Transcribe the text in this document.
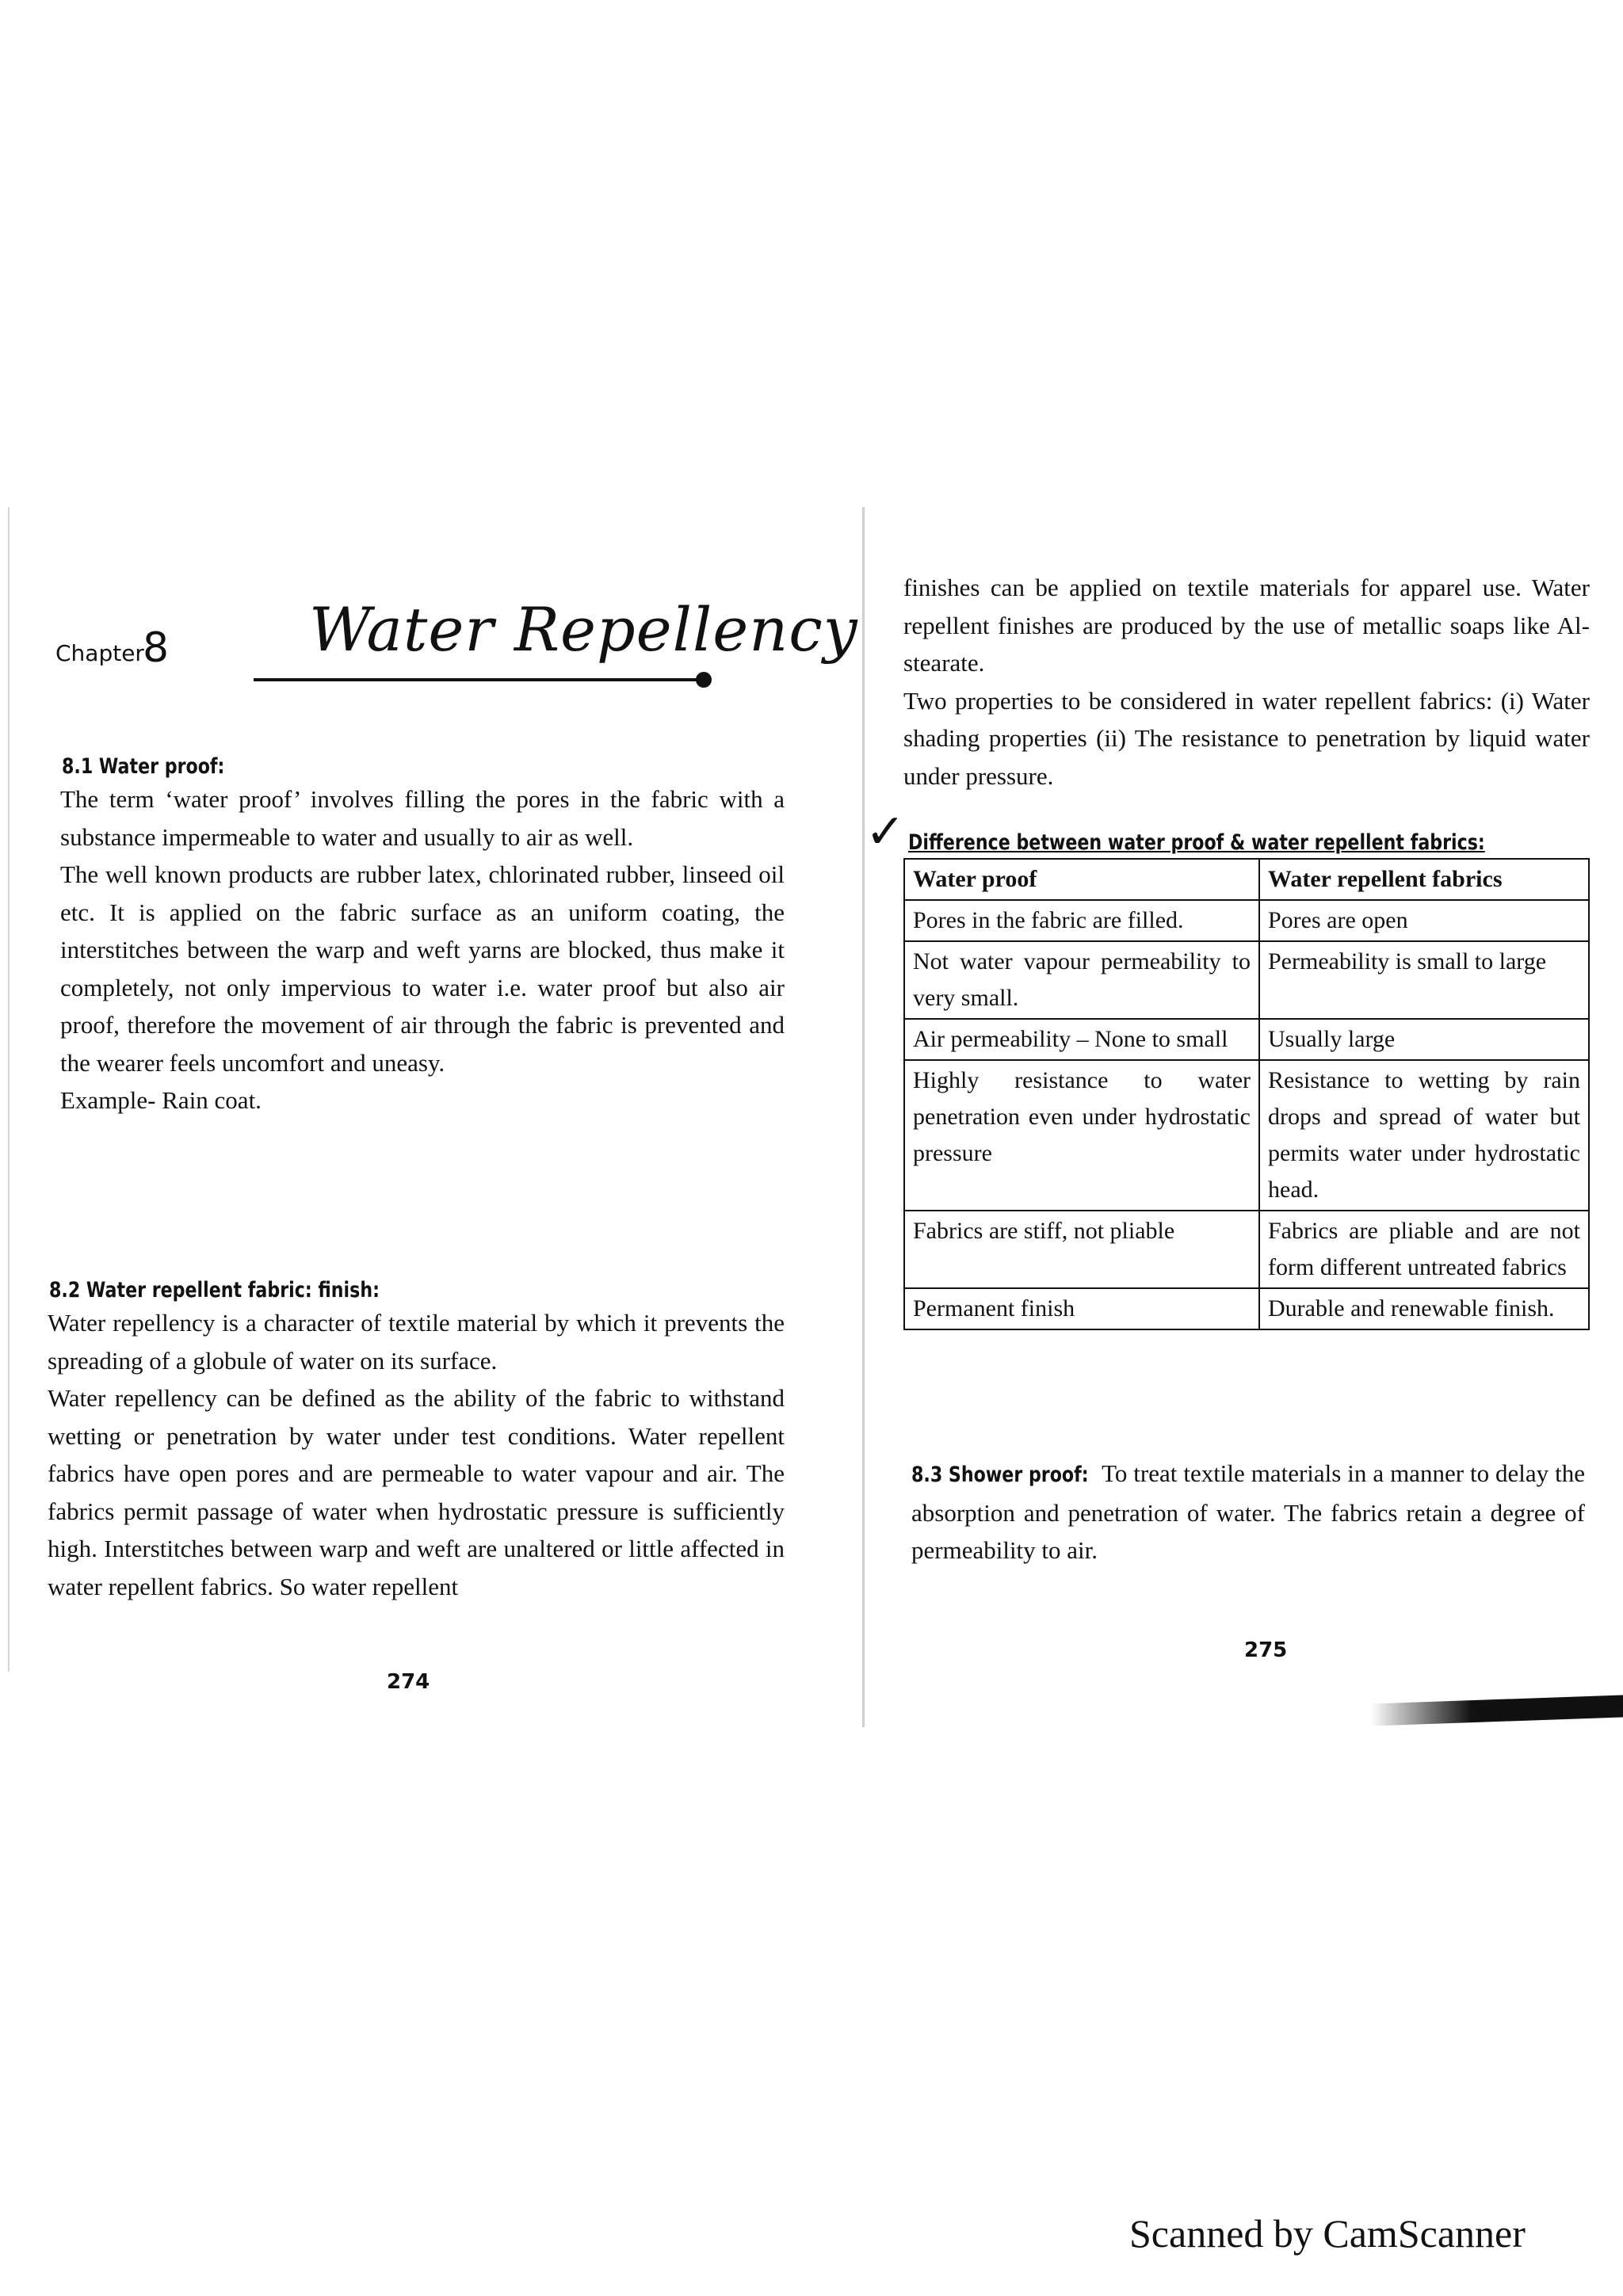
Chapter
8 Water Repellency
8.1 Water proof:

The term ‘water proof’ involves filling the pores in the fabric with a substance impermeable to water and usually to air as well.

The well known products are rubber latex, chlorinated rubber, linseed oil etc. It is applied on the fabric surface as an uniform coating, the interstitches between the warp and weft yarns are blocked, thus make it completely, not only impervious to water i.e. water proof but also air proof, therefore the movement of air through the fabric is prevented and the wearer feels uncomfort and uneasy.

Example- Rain coat.

8.2 Water repellent fabric: finish:

Water repellency is a character of textile material by which it prevents the spreading of a globule of water on its surface.

Water repellency can be defined as the ability of the fabric to withstand wetting or penetration by water under test conditions. Water repellent fabrics have open pores and are permeable to water vapour and air. The fabrics permit passage of water when hydrostatic pressure is sufficiently high. Interstitches between warp and weft are unaltered or little affected in water repellent fabrics. So water repellent

274

finishes can be applied on textile materials for apparel use. Water repellent finishes are produced by the use of metallic soaps like Al-stearate.

Two properties to be considered in water repellent fabrics: (i) Water shading properties (ii) The resistance to penetration by liquid water under pressure.

✓ Difference between water proof & water repellent fabrics:
Water proof	Water repellent fabrics
Pores in the fabric are filled.	Pores are open
Not water vapour permeability to very small.	Permeability is small to large
Air permeability – None to small	Usually large
Highly resistance to water penetration even under hydrostatic pressure	Resistance to wetting by rain drops and spread of water but permits water under hydrostatic head.
Fabrics are stiff, not pliable	Fabrics are pliable and are not form different untreated fabrics
Permanent finish	Durable and renewable finish.
8.3 Shower proof: To treat textile materials in a manner to delay the absorption and penetration of water. The fabrics retain a degree of permeability to air.
275
Scanned by CamScanner
